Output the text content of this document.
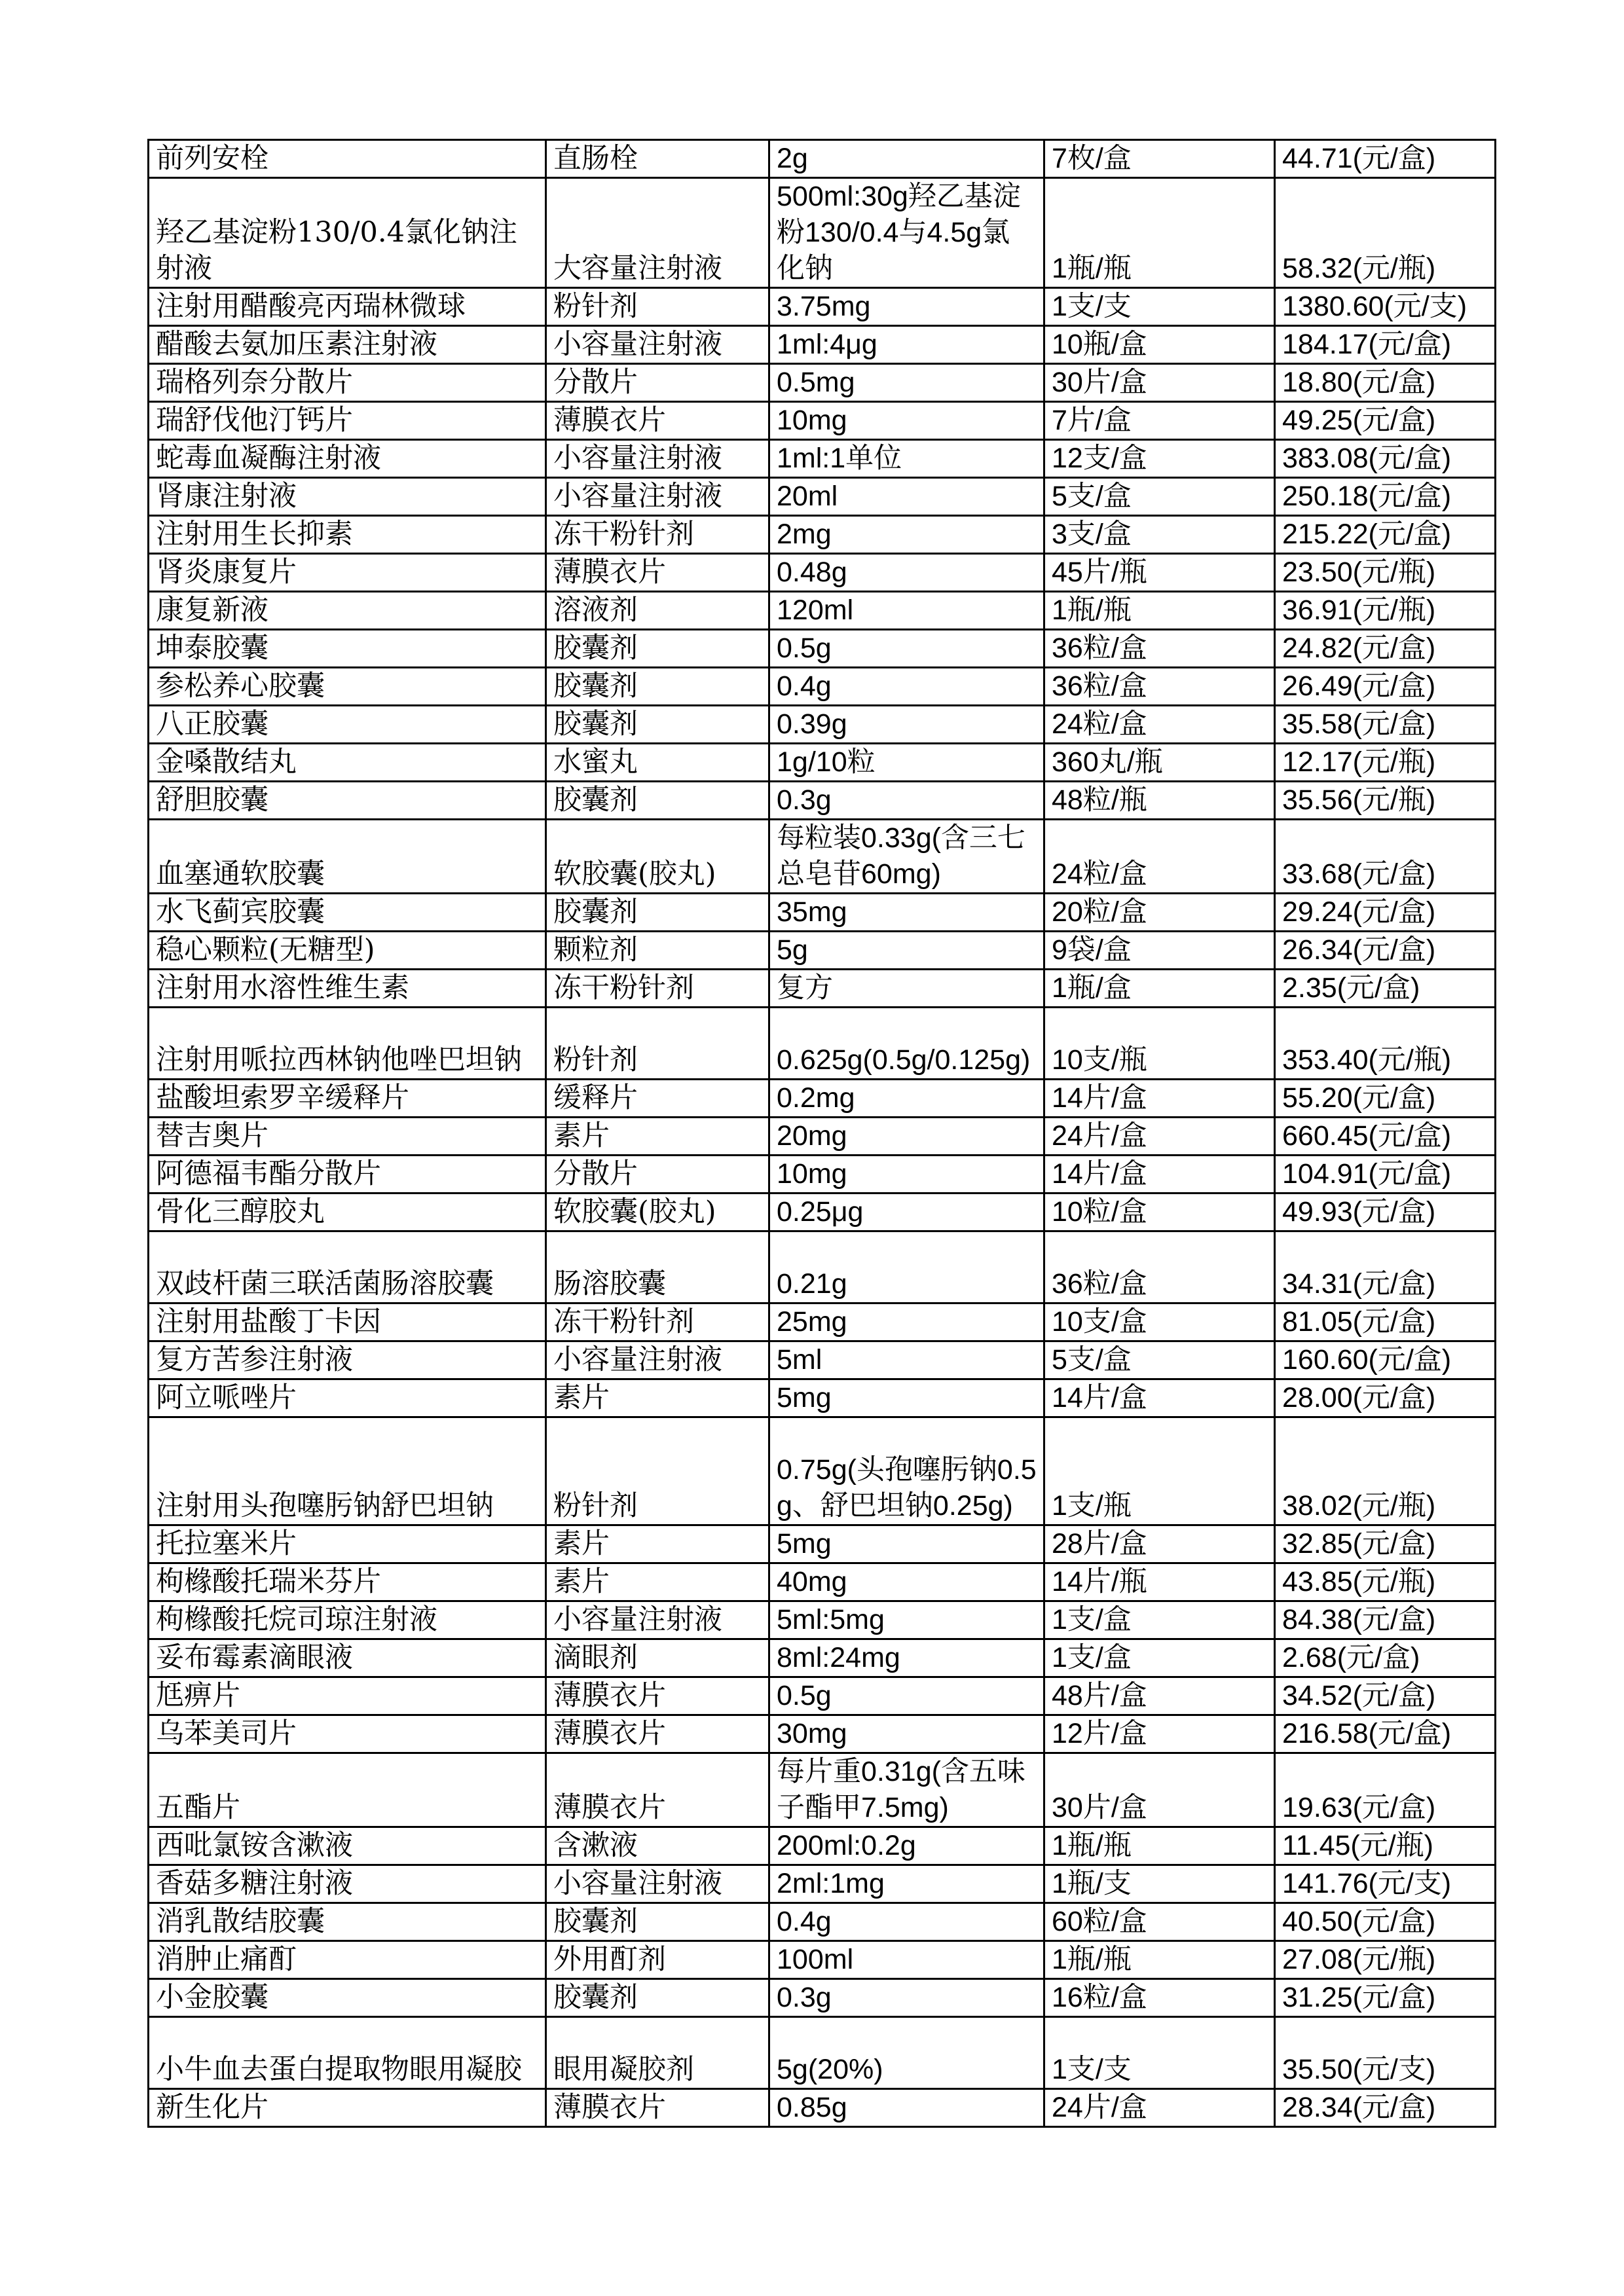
前列安栓	直肠栓	2g	7枚/盒	44.71(元/盒)
羟乙基淀粉130/0.4氯化钠注射液	大容量注射液	500ml:30g羟乙基淀粉130/0.4与4.5g氯化钠	1瓶/瓶	58.32(元/瓶)
注射用醋酸亮丙瑞林微球	粉针剂	3.75mg	1支/支	1380.60(元/支)
醋酸去氨加压素注射液	小容量注射液	1ml:4μg	10瓶/盒	184.17(元/盒)
瑞格列奈分散片	分散片	0.5mg	30片/盒	18.80(元/盒)
瑞舒伐他汀钙片	薄膜衣片	10mg	7片/盒	49.25(元/盒)
蛇毒血凝酶注射液	小容量注射液	1ml:1单位	12支/盒	383.08(元/盒)
肾康注射液	小容量注射液	20ml	5支/盒	250.18(元/盒)
注射用生长抑素	冻干粉针剂	2mg	3支/盒	215.22(元/盒)
肾炎康复片	薄膜衣片	0.48g	45片/瓶	23.50(元/瓶)
康复新液	溶液剂	120ml	1瓶/瓶	36.91(元/瓶)
坤泰胶囊	胶囊剂	0.5g	36粒/盒	24.82(元/盒)
参松养心胶囊	胶囊剂	0.4g	36粒/盒	26.49(元/盒)
八正胶囊	胶囊剂	0.39g	24粒/盒	35.58(元/盒)
金嗓散结丸	水蜜丸	1g/10粒	360丸/瓶	12.17(元/瓶)
舒胆胶囊	胶囊剂	0.3g	48粒/瓶	35.56(元/瓶)
血塞通软胶囊	软胶囊(胶丸)	每粒装0.33g(含三七总皂苷60mg)	24粒/盒	33.68(元/盒)
水飞蓟宾胶囊	胶囊剂	35mg	20粒/盒	29.24(元/盒)
稳心颗粒(无糖型)	颗粒剂	5g	9袋/盒	26.34(元/盒)
注射用水溶性维生素	冻干粉针剂	复方	1瓶/盒	2.35(元/盒)
注射用哌拉西林钠他唑巴坦钠	粉针剂	0.625g(0.5g/0.125g)	10支/瓶	353.40(元/瓶)
盐酸坦索罗辛缓释片	缓释片	0.2mg	14片/盒	55.20(元/盒)
替吉奥片	素片	20mg	24片/盒	660.45(元/盒)
阿德福韦酯分散片	分散片	10mg	14片/盒	104.91(元/盒)
骨化三醇胶丸	软胶囊(胶丸)	0.25μg	10粒/盒	49.93(元/盒)
双歧杆菌三联活菌肠溶胶囊	肠溶胶囊	0.21g	36粒/盒	34.31(元/盒)
注射用盐酸丁卡因	冻干粉针剂	25mg	10支/盒	81.05(元/盒)
复方苦参注射液	小容量注射液	5ml	5支/盒	160.60(元/盒)
阿立哌唑片	素片	5mg	14片/盒	28.00(元/盒)
注射用头孢噻肟钠舒巴坦钠	粉针剂	0.75g(头孢噻肟钠0.5g、舒巴坦钠0.25g)	1支/瓶	38.02(元/瓶)
托拉塞米片	素片	5mg	28片/盒	32.85(元/盒)
枸橼酸托瑞米芬片	素片	40mg	14片/瓶	43.85(元/瓶)
枸橼酸托烷司琼注射液	小容量注射液	5ml:5mg	1支/盒	84.38(元/盒)
妥布霉素滴眼液	滴眼剂	8ml:24mg	1支/盒	2.68(元/盒)
尪痹片	薄膜衣片	0.5g	48片/盒	34.52(元/盒)
乌苯美司片	薄膜衣片	30mg	12片/盒	216.58(元/盒)
五酯片	薄膜衣片	每片重0.31g(含五味子酯甲7.5mg)	30片/盒	19.63(元/盒)
西吡氯铵含漱液	含漱液	200ml:0.2g	1瓶/瓶	11.45(元/瓶)
香菇多糖注射液	小容量注射液	2ml:1mg	1瓶/支	141.76(元/支)
消乳散结胶囊	胶囊剂	0.4g	60粒/盒	40.50(元/盒)
消肿止痛酊	外用酊剂	100ml	1瓶/瓶	27.08(元/瓶)
小金胶囊	胶囊剂	0.3g	16粒/盒	31.25(元/盒)
小牛血去蛋白提取物眼用凝胶	眼用凝胶剂	5g(20%)	1支/支	35.50(元/支)
新生化片	薄膜衣片	0.85g	24片/盒	28.34(元/盒)
